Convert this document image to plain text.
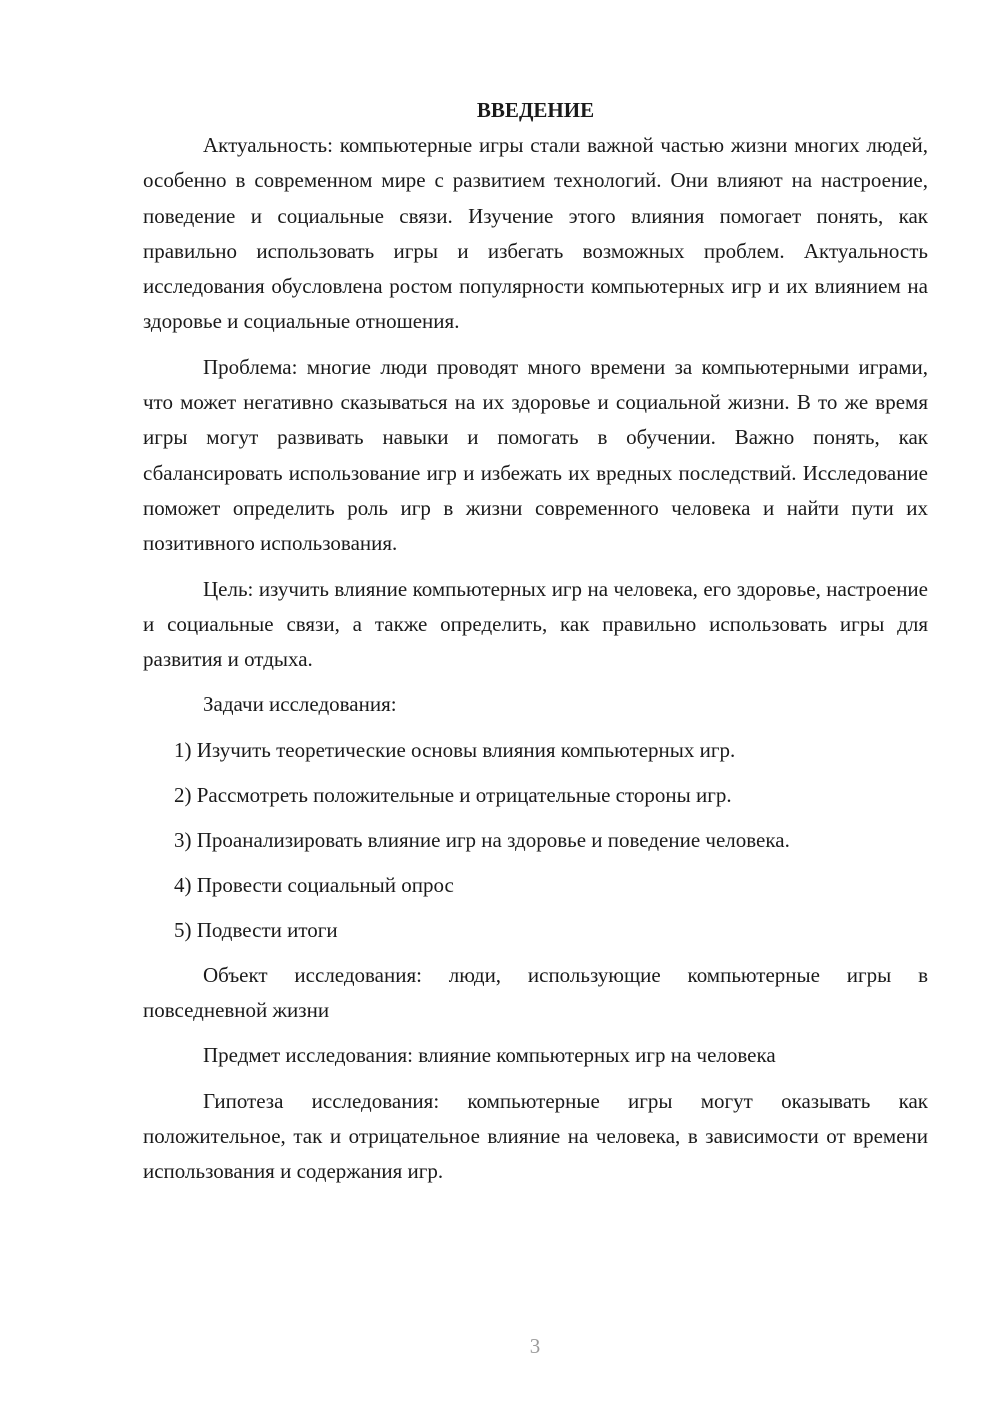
ВВЕДЕНИЕ

Актуальность: компьютерные игры стали важной частью жизни многих людей, особенно в современном мире с развитием технологий. Они влияют на настроение, поведение и социальные связи. Изучение этого влияния помогает понять, как правильно использовать игры и избегать возможных проблем. Актуальность исследования обусловлена ростом популярности компьютерных игр и их влиянием на здоровье и социальные отношения.

Проблема: многие люди проводят много времени за компьютерными играми, что может негативно сказываться на их здоровье и социальной жизни. В то же время игры могут развивать навыки и помогать в обучении. Важно понять, как сбалансировать использование игр и избежать их вредных последствий. Исследование поможет определить роль игр в жизни современного человека и найти пути их позитивного использования.

Цель: изучить влияние компьютерных игр на человека, его здоровье, настроение и социальные связи, а также определить, как правильно использовать игры для развития и отдыха.

Задачи исследования:

1) Изучить теоретические основы влияния компьютерных игр.
2) Рассмотреть положительные и отрицательные стороны игр.
3) Проанализировать влияние игр на здоровье и поведение человека.
4) Провести социальный опрос
5) Подвести итоги

Объект исследования: люди, использующие компьютерные игры в повседневной жизни

Предмет исследования: влияние компьютерных игр на человека

Гипотеза исследования: компьютерные игры могут оказывать как положительное, так и отрицательное влияние на человека, в зависимости от времени использования и содержания игр.

3
